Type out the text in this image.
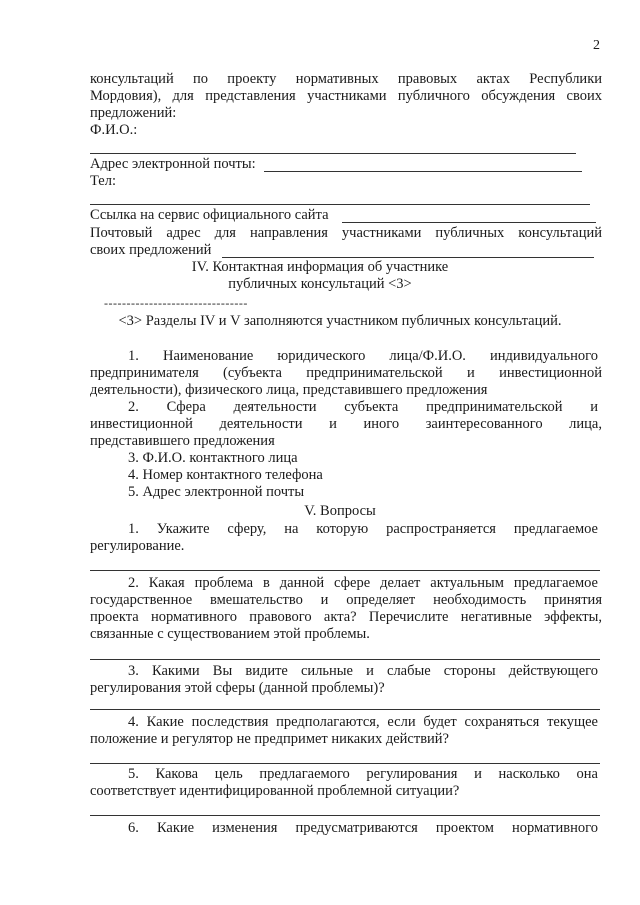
2
консультаций по проекту нормативных правовых актах Республики
Мордовия), для представления участниками публичного обсуждения своих
предложений:
Ф.И.О.:
Адрес электронной почты:
Тел:
Ссылка на сервис официального сайта
Почтовый адрес для направления участниками публичных консультаций
своих предложений
IV. Контактная информация об участнике
публичных консультаций <3>
--------------------------------
<3> Разделы IV и V заполняются участником публичных консультаций.
1. Наименование юридического лица/Ф.И.О. индивидуального
предпринимателя (субъекта предпринимательской и инвестиционной
деятельности), физического лица, представившего предложения
2. Сфера деятельности субъекта предпринимательской и
инвестиционной деятельности и иного заинтересованного лица,
представившего предложения
3. Ф.И.О. контактного лица
4. Номер контактного телефона
5. Адрес электронной почты
V. Вопросы
1. Укажите сферу, на которую распространяется предлагаемое
регулирование.
2. Какая проблема в данной сфере делает актуальным предлагаемое
государственное вмешательство и определяет необходимость принятия
проекта нормативного правового акта? Перечислите негативные эффекты,
связанные с существованием этой проблемы.
3. Какими Вы видите сильные и слабые стороны действующего
регулирования этой сферы (данной проблемы)?
4. Какие последствия предполагаются, если будет сохраняться текущее
положение и регулятор не предпримет никаких действий?
5. Какова цель предлагаемого регулирования и насколько она
соответствует идентифицированной проблемной ситуации?
6. Какие изменения предусматриваются проектом нормативного
